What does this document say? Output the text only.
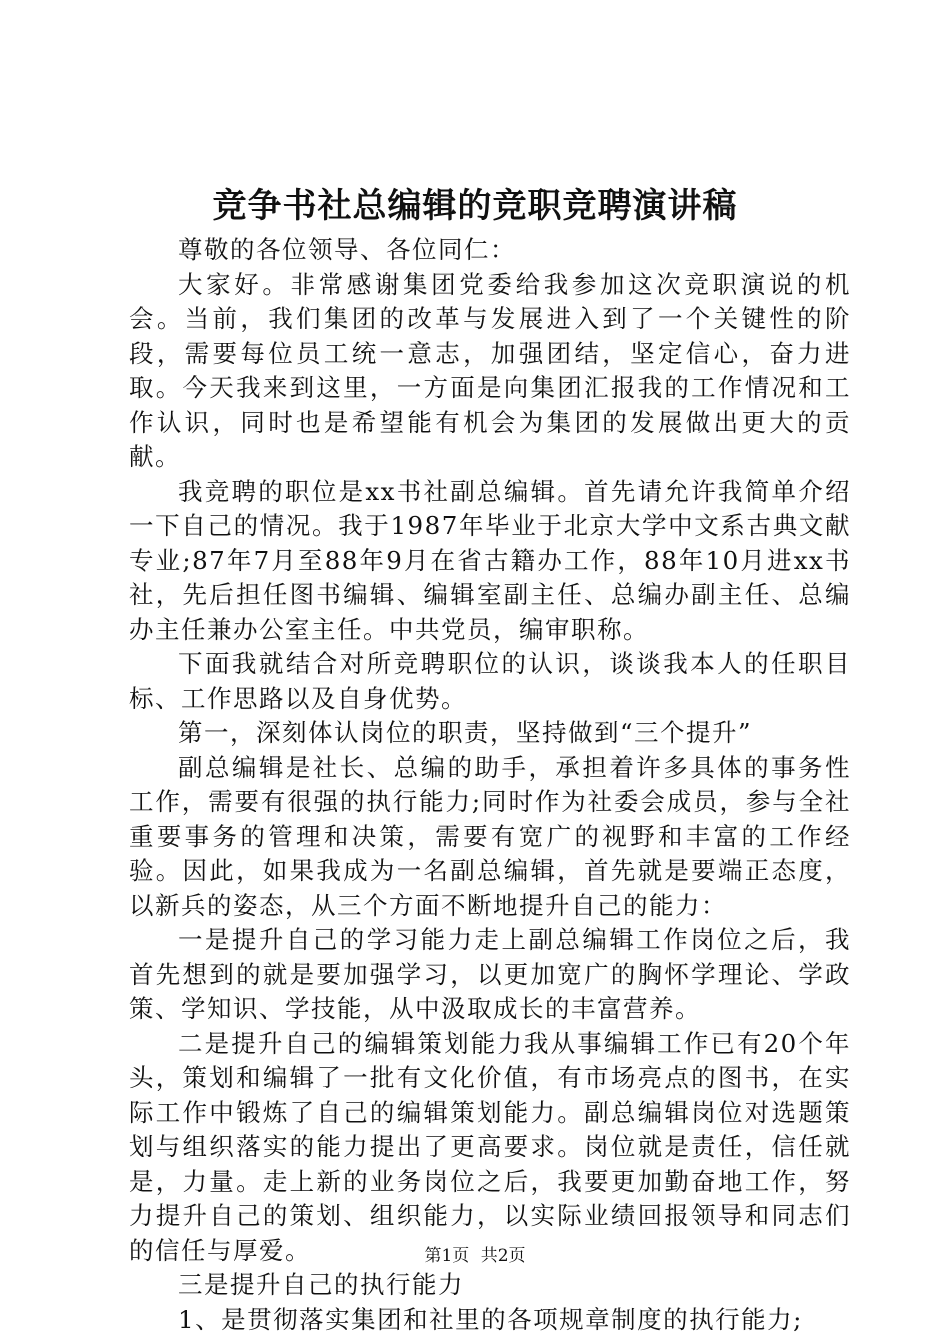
竞争书社总编辑的竞职竞聘演讲稿

尊敬的各位领导、各位同仁：

大家好。非常感谢集团党委给我参加这次竞职演说的机会。当前，我们集团的改革与发展进入到了一个关键性的阶段，需要每位员工统一意志，加强团结，坚定信心，奋力进取。今天我来到这里，一方面是向集团汇报我的工作情况和工作认识，同时也是希望能有机会为集团的发展做出更大的贡献。

我竞聘的职位是xx书社副总编辑。首先请允许我简单介绍一下自己的情况。我于1987年毕业于北京大学中文系古典文献专业;87年7月至88年9月在省古籍办工作，88年10月进xx书社，先后担任图书编辑、编辑室副主任、总编办副主任、总编办主任兼办公室主任。中共党员，编审职称。

下面我就结合对所竞聘职位的认识，谈谈我本人的任职目标、工作思路以及自身优势。

第一，深刻体认岗位的职责，坚持做到“三个提升”

副总编辑是社长、总编的助手，承担着许多具体的事务性工作，需要有很强的执行能力;同时作为社委会成员，参与全社重要事务的管理和决策，需要有宽广的视野和丰富的工作经验。因此，如果我成为一名副总编辑，首先就是要端正态度，以新兵的姿态，从三个方面不断地提升自己的能力：

一是提升自己的学习能力走上副总编辑工作岗位之后，我首先想到的就是要加强学习，以更加宽广的胸怀学理论、学政策、学知识、学技能，从中汲取成长的丰富营养。

二是提升自己的编辑策划能力我从事编辑工作已有20个年头，策划和编辑了一批有文化价值，有市场亮点的图书，在实际工作中锻炼了自己的编辑策划能力。副总编辑岗位对选题策划与组织落实的能力提出了更高要求。岗位就是责任，信任就是，力量。走上新的业务岗位之后，我要更加勤奋地工作，努力提升自己的策划、组织能力，以实际业绩回报领导和同志们的信任与厚爱。

三是提升自己的执行能力

1、是贯彻落实集团和社里的各项规章制度的执行能力;

第1页 共2页
